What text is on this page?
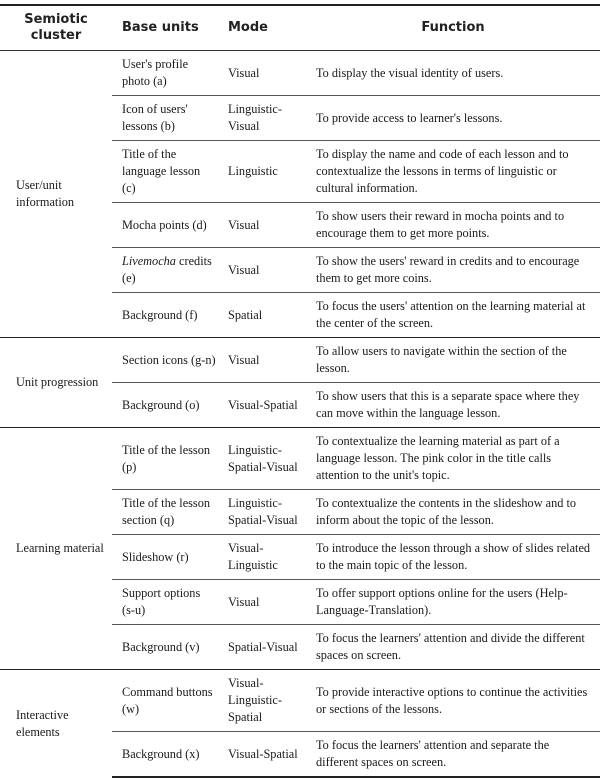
Semiotic cluster	Base units	Mode	Function
User/unit information	User's profile photo (a)	Visual	To display the visual identity of users.
	Icon of users' lessons (b)	Linguistic-Visual	To provide access to learner's lessons.
	Title of the language lesson (c)	Linguistic	To display the name and code of each lesson and to contextualize the lessons in terms of linguistic or cultural information.
	Mocha points (d)	Visual	To show users their reward in mocha points and to encourage them to get more points.
	Livemocha credits (e)	Visual	To show the users' reward in credits and to encourage them to get more coins.
	Background (f)	Spatial	To focus the users' attention on the learning material at the center of the screen.
Unit progression	Section icons (g-n)	Visual	To allow users to navigate within the section of the lesson.
	Background (o)	Visual-Spatial	To show users that this is a separate space where they can move within the language lesson.
Learning material	Title of the lesson (p)	Linguistic-Spatial-Visual	To contextualize the learning material as part of a language lesson. The pink color in the title calls attention to the unit's topic.
	Title of the lesson section (q)	Linguistic-Spatial-Visual	To contextualize the contents in the slideshow and to inform about the topic of the lesson.
	Slideshow (r)	Visual-Linguistic	To introduce the lesson through a show of slides related to the main topic of the lesson.
	Support options (s-u)	Visual	To offer support options online for the users (Help-Language-Translation).
	Background (v)	Spatial-Visual	To focus the learners' attention and divide the different spaces on screen.
Interactive elements	Command buttons (w)	Visual-Linguistic-Spatial	To provide interactive options to continue the activities or sections of the lessons.
	Background (x)	Visual-Spatial	To focus the learners' attention and separate the different spaces on screen.
